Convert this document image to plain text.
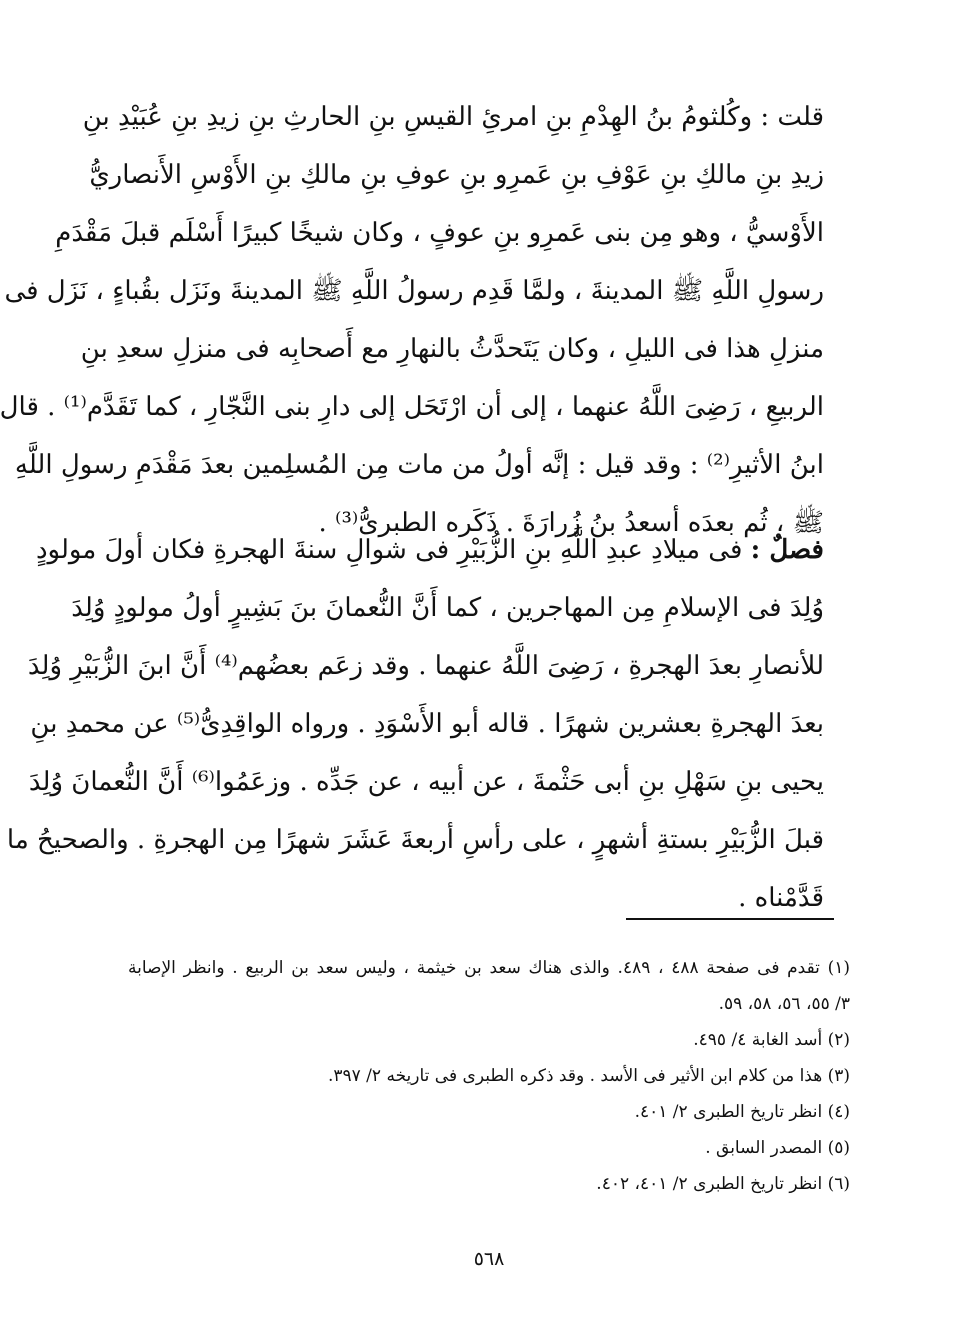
قلت : وكُلثومُ بنُ الهِدْمِ بنِ امرئِ القيسِ بنِ الحارثِ بنِ زيدِ بنِ عُبَيْدِ بنِ
زيدِ بنِ مالكِ بنِ عَوْفِ بنِ عَمرِو بنِ عوفِ بنِ مالكِ بنِ الأَوْسِ الأَنصاريُّ
الأَوْسيُّ ، وهو مِن بنى عَمرِو بنِ عوفٍ ، وكان شيخًا كبيرًا أَسْلَم قبلَ مَقْدَمِ
رسولِ اللَّهِ ﷺ المدينةَ ، ولمَّا قَدِم رسولُ اللَّهِ ﷺ المدينةَ ونَزَل بقُباءٍ ، نَزَل فى
منزلِ هذا فى الليلِ ، وكان يَتَحدَّثُ بالنهارِ مع أَصحابِه فى منزلِ سعدِ بنِ
الربيعِ ، رَضِىَ اللَّهُ عنهما ، إلى أن ارْتَحَل إلى دارِ بنى النَّجّارِ ، كما تَقَدَّم⁽¹⁾ . قال
ابنُ الأثيرِ⁽²⁾ : وقد قيل : إنَّه أولُ من مات مِن المُسلِمين بعدَ مَقْدَمِ رسولِ اللَّهِ
ﷺ ، ثُم بعدَه أسعدُ بنُ زُرارَةَ . ذَكَره الطبرىُّ⁽³⁾ .
فصلٌ : فى ميلادِ عبدِ اللَّهِ بنِ الزُّبَيْرِ فى شوالِ سنةَ الهجرةِ فكان أولَ مولودٍ
وُلِدَ فى الإسلامِ مِن المهاجرين ، كما أَنَّ النُّعمانَ بنَ بَشِيرٍ أولُ مولودٍ وُلِدَ
للأنصارِ بعدَ الهجرةِ ، رَضِىَ اللَّهُ عنهما . وقد زعَم بعضُهم⁽⁴⁾ أَنَّ ابنَ الزُّبَيْرِ وُلِدَ
بعدَ الهجرةِ بعشرين شهرًا . قاله أبو الأَسْوَدِ . ورواه الواقِدِىُّ⁽⁵⁾ عن محمدِ بنِ
يحيى بنِ سَهْلِ بنِ أبى حَثْمةَ ، عن أبيه ، عن جَدِّه . وزعَمُوا⁽⁶⁾ أَنَّ النُّعمانَ وُلِدَ
قبلَ الزُّبَيْرِ بستةِ أشهرٍ ، على رأسِ أربعةَ عَشَرَ شهرًا مِن الهجرةِ . والصحيحُ ما
قَدَّمْناه .
(١) تقدم فى صفحة ٤٨٨ ، ٤٨٩. والذى هناك سعد بن خيثمة ، وليس سعد بن الربيع . وانظر الإصابة
٣/ ٥٥، ٥٦، ٥٨، ٥٩.
(٢) أسد الغابة ٤/ ٤٩٥.
(٣) هذا من كلام ابن الأثير فى الأسد . وقد ذكره الطبرى فى تاريخه ٢/ ٣٩٧.
(٤) انظر تاريخ الطبرى ٢/ ٤٠١.
(٥) المصدر السابق .
(٦) انظر تاريخ الطبرى ٢/ ٤٠١، ٤٠٢.
٥٦٨
